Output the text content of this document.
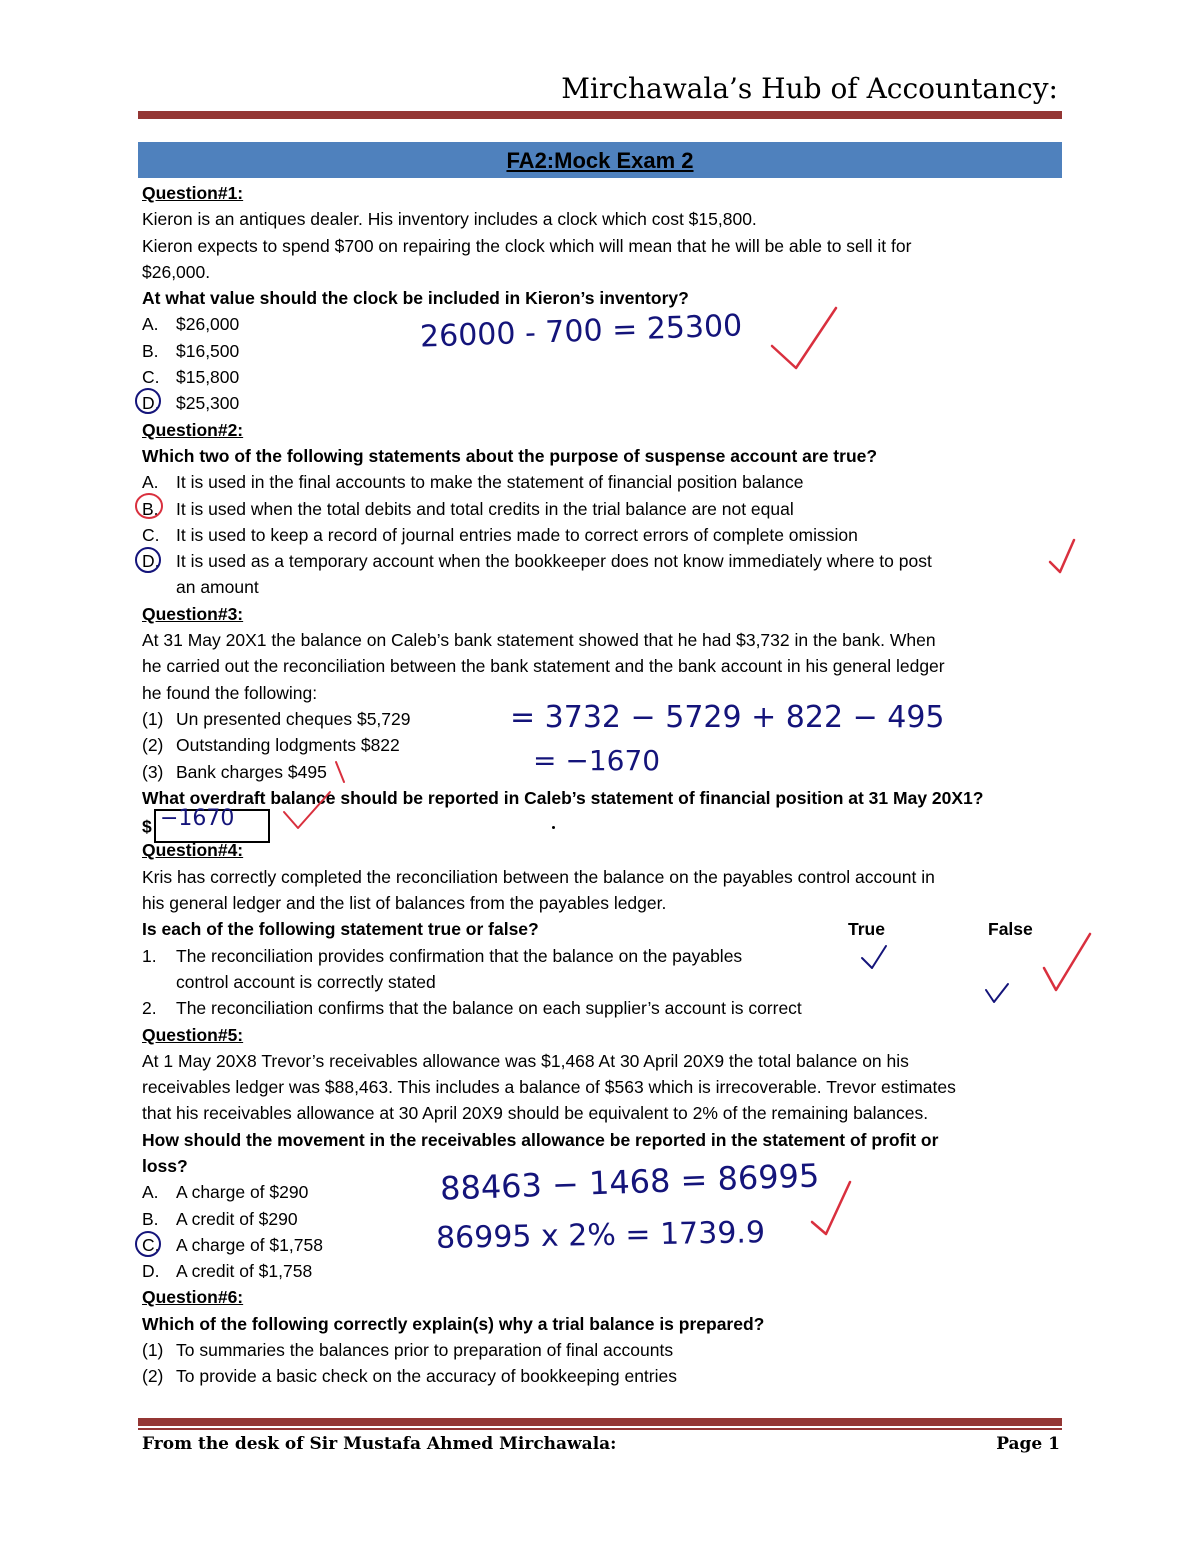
Mirchawala’s Hub of Accountancy:
FA2:Mock Exam 2
Question#1:
Kieron is an antiques dealer. His inventory includes a clock which cost $15,800.
Kieron expects to spend $700 on repairing the clock which will mean that he will be able to sell it for
$26,000.
At what value should the clock be included in Kieron’s inventory?
A. $26,000
B. $16,500
C. $15,800
D. $25,300
Question#2:
Which two of the following statements about the purpose of suspense account are true?
A. It is used in the final accounts to make the statement of financial position balance
B. It is used when the total debits and total credits in the trial balance are not equal
C. It is used to keep a record of journal entries made to correct errors of complete omission
D. It is used as a temporary account when the bookkeeper does not know immediately where to post
an amount
Question#3:
At 31 May 20X1 the balance on Caleb’s bank statement showed that he had $3,732 in the bank. When
he carried out the reconciliation between the bank statement and the bank account in his general ledger
he found the following:
(1) Un presented cheques $5,729
(2) Outstanding lodgments $822
(3) Bank charges $495
What overdraft balance should be reported in Caleb’s statement of financial position at 31 May 20X1?
$
Question#4:
Kris has correctly completed the reconciliation between the balance on the payables control account in
his general ledger and the list of balances from the payables ledger.
Is each of the following statement true or false?	True	False
1. The reconciliation provides confirmation that the balance on the payables
control account is correctly stated
2. The reconciliation confirms that the balance on each supplier’s account is correct
Question#5:
At 1 May 20X8 Trevor’s receivables allowance was $1,468 At 30 April 20X9 the total balance on his
receivables ledger was $88,463. This includes a balance of $563 which is irrecoverable. Trevor estimates
that his receivables allowance at 30 April 20X9 should be equivalent to 2% of the remaining balances.
How should the movement in the receivables allowance be reported in the statement of profit or
loss?
A. A charge of $290
B. A credit of $290
C. A charge of $1,758
D. A credit of $1,758
Question#6:
Which of the following correctly explain(s) why a trial balance is prepared?
(1) To summaries the balances prior to preparation of final accounts
(2) To provide a basic check on the accuracy of bookkeeping entries
26000 - 700 = 25300
= 3732 − 5729 + 822 − 495
= −1670
−1670
88463 − 1468 = 86995
86995 x 2% = 1739.9
From the desk of Sir Mustafa Ahmed Mirchawala:	Page 1
